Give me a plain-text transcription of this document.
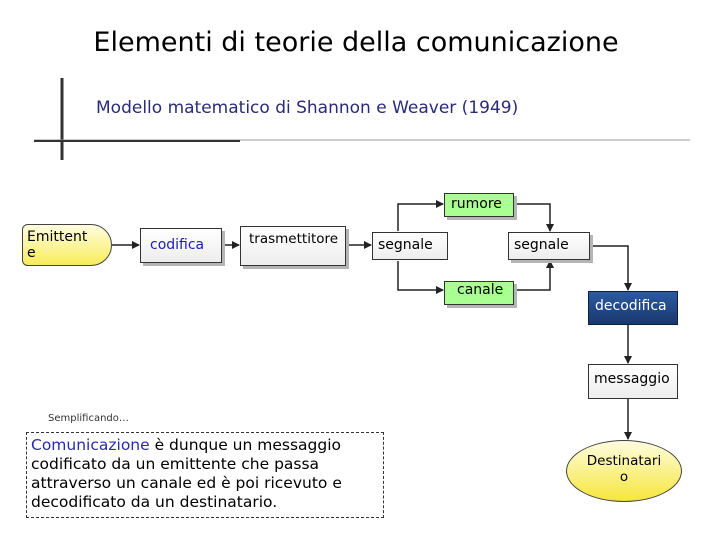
Elementi di teorie della comunicazione
Modello matematico di Shannon e Weaver (1949)
Emittent
e	codifica	trasmettitore	segnale
rumore
canale
segnale
decodifica
messaggio
Destinatari
o
Semplificando…
Comunicazione è dunque un messaggio codificato da un emittente che passa attraverso un canale ed è poi ricevuto e decodificato da un destinatario.
